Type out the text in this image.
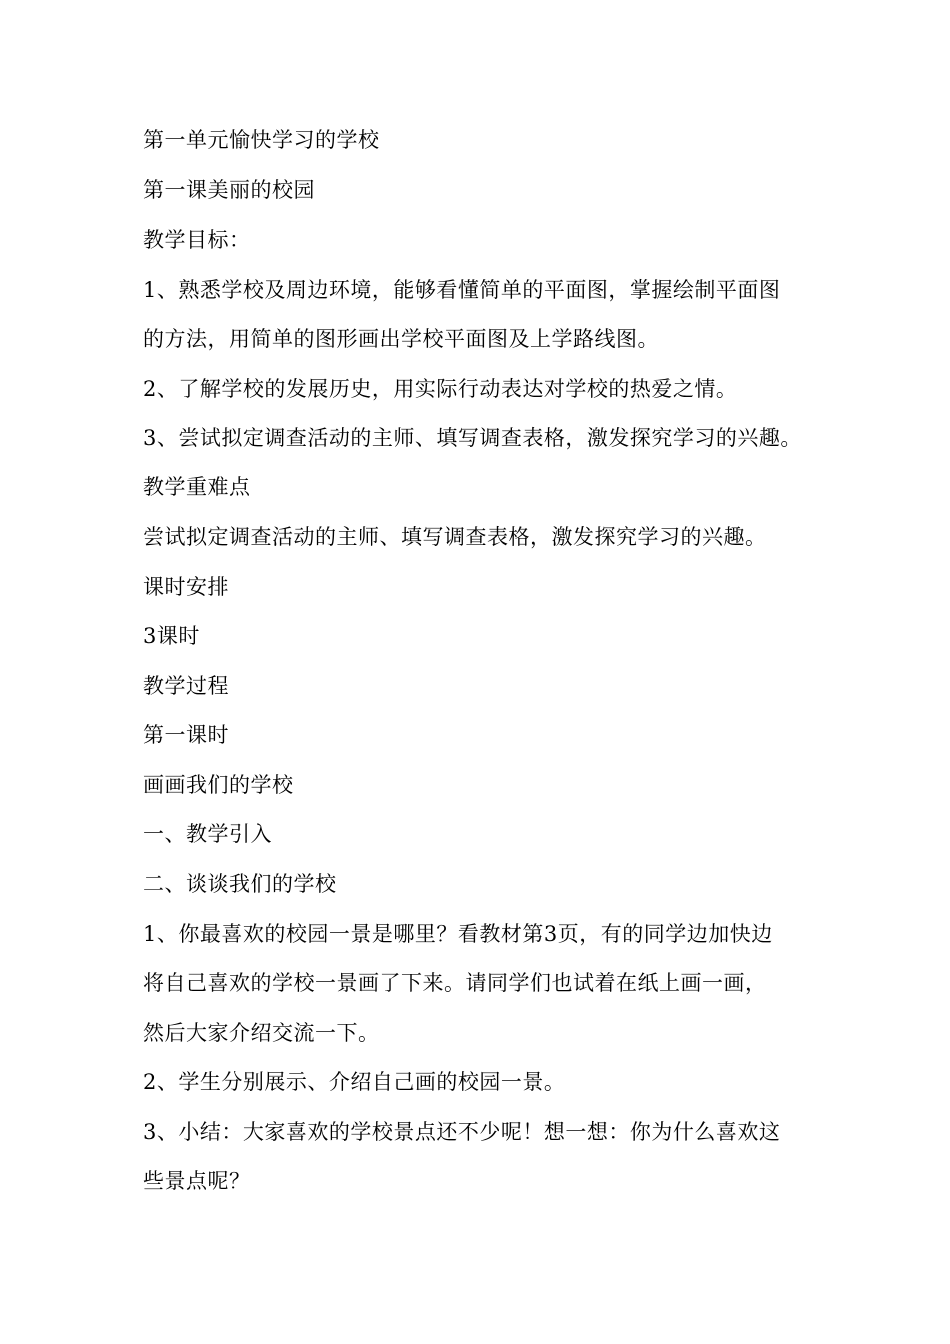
第一单元愉快学习的学校
第一课美丽的校园
教学目标：
1、熟悉学校及周边环境，能够看懂简单的平面图，掌握绘制平面图
的方法，用简单的图形画出学校平面图及上学路线图。
2、了解学校的发展历史，用实际行动表达对学校的热爱之情。
3、尝试拟定调查活动的主师、填写调查表格，激发探究学习的兴趣。
教学重难点
尝试拟定调查活动的主师、填写调查表格，激发探究学习的兴趣。
课时安排
3课时
教学过程
第一课时
画画我们的学校
一、教学引入
二、谈谈我们的学校
1、你最喜欢的校园一景是哪里？看教材第3页，有的同学边加快边
将自己喜欢的学校一景画了下来。请同学们也试着在纸上画一画，
然后大家介绍交流一下。
2、学生分别展示、介绍自己画的校园一景。
3、小结：大家喜欢的学校景点还不少呢！想一想：你为什么喜欢这
些景点呢？
